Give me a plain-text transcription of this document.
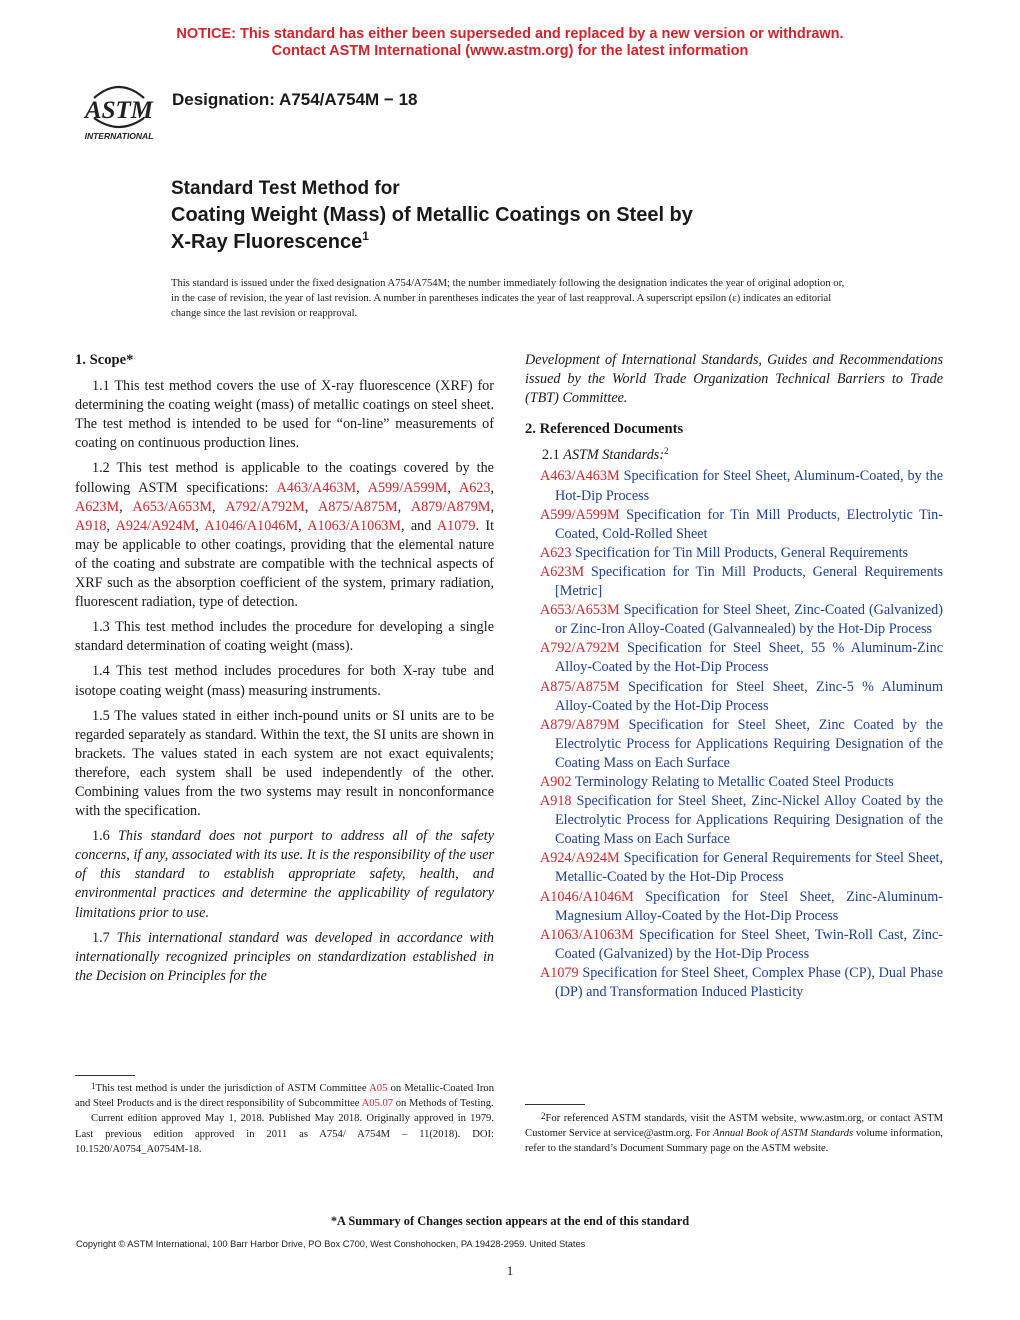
NOTICE: This standard has either been superseded and replaced by a new version or withdrawn.
Contact ASTM International (www.astm.org) for the latest information
ASTM
INTERNATIONAL
Designation: A754/A754M − 18
Standard Test Method for
Coating Weight (Mass) of Metallic Coatings on Steel by
X-Ray Fluorescence$^1$
This standard is issued under the fixed designation A754/A754M; the number immediately following the designation indicates the year of original adoption or, in the case of revision, the year of last revision. A number in parentheses indicates the year of last reapproval. A superscript epsilon (ε) indicates an editorial change since the last revision or reapproval.

1. Scope*

1.1 This test method covers the use of X-ray fluorescence (XRF) for determining the coating weight (mass) of metallic coatings on steel sheet. The test method is intended to be used for “on-line” measurements of coating on continuous production lines.

1.2 This test method is applicable to the coatings covered by the following ASTM specifications: A463/A463M, A599/A599M, A623, A623M, A653/A653M, A792/A792M, A875/A875M, A879/A879M, A918, A924/A924M, A1046/A1046M, A1063/A1063M, and A1079. It may be applicable to other coatings, providing that the elemental nature of the coating and substrate are compatible with the technical aspects of XRF such as the absorption coefficient of the system, primary radiation, fluorescent radiation, type of detection.

1.3 This test method includes the procedure for developing a single standard determination of coating weight (mass).

1.4 This test method includes procedures for both X-ray tube and isotope coating weight (mass) measuring instruments.

1.5 The values stated in either inch-pound units or SI units are to be regarded separately as standard. Within the text, the SI units are shown in brackets. The values stated in each system are not exact equivalents; therefore, each system shall be used independently of the other. Combining values from the two systems may result in nonconformance with the specification.

1.6 This standard does not purport to address all of the safety concerns, if any, associated with its use. It is the responsibility of the user of this standard to establish appropriate safety, health, and environmental practices and determine the applicability of regulatory limitations prior to use.

1.7 This international standard was developed in accordance with internationally recognized principles on standardization established in the Decision on Principles for the

Development of International Standards, Guides and Recommendations issued by the World Trade Organization Technical Barriers to Trade (TBT) Committee.

2. Referenced Documents

2.1 ASTM Standards:$^2$

A463/A463M Specification for Steel Sheet, Aluminum-Coated, by the Hot-Dip Process
A599/A599M Specification for Tin Mill Products, Electrolytic Tin-Coated, Cold-Rolled Sheet
A623 Specification for Tin Mill Products, General Requirements
A623M Specification for Tin Mill Products, General Requirements [Metric]
A653/A653M Specification for Steel Sheet, Zinc-Coated (Galvanized) or Zinc-Iron Alloy-Coated (Galvannealed) by the Hot-Dip Process
A792/A792M Specification for Steel Sheet, 55 % Aluminum-Zinc Alloy-Coated by the Hot-Dip Process
A875/A875M Specification for Steel Sheet, Zinc-5 % Aluminum Alloy-Coated by the Hot-Dip Process
A879/A879M Specification for Steel Sheet, Zinc Coated by the Electrolytic Process for Applications Requiring Designation of the Coating Mass on Each Surface
A902 Terminology Relating to Metallic Coated Steel Products
A918 Specification for Steel Sheet, Zinc-Nickel Alloy Coated by the Electrolytic Process for Applications Requiring Designation of the Coating Mass on Each Surface
A924/A924M Specification for General Requirements for Steel Sheet, Metallic-Coated by the Hot-Dip Process
A1046/A1046M Specification for Steel Sheet, Zinc-Aluminum-Magnesium Alloy-Coated by the Hot-Dip Process
A1063/A1063M Specification for Steel Sheet, Twin-Roll Cast, Zinc-Coated (Galvanized) by the Hot-Dip Process
A1079 Specification for Steel Sheet, Complex Phase (CP), Dual Phase (DP) and Transformation Induced Plasticity

$^1$This test method is under the jurisdiction of ASTM Committee A05 on Metallic-Coated Iron and Steel Products and is the direct responsibility of Subcommittee A05.07 on Methods of Testing.

Current edition approved May 1, 2018. Published May 2018. Originally approved in 1979. Last previous edition approved in 2011 as A754/ A754M – 11(2018). DOI: 10.1520/A0754_A0754M-18.

$^2$For referenced ASTM standards, visit the ASTM website, www.astm.org, or contact ASTM Customer Service at service@astm.org. For Annual Book of ASTM Standards volume information, refer to the standard’s Document Summary page on the ASTM website.

*A Summary of Changes section appears at the end of this standard
Copyright © ASTM International, 100 Barr Harbor Drive, PO Box C700, West Conshohocken, PA 19428-2959. United States
1
